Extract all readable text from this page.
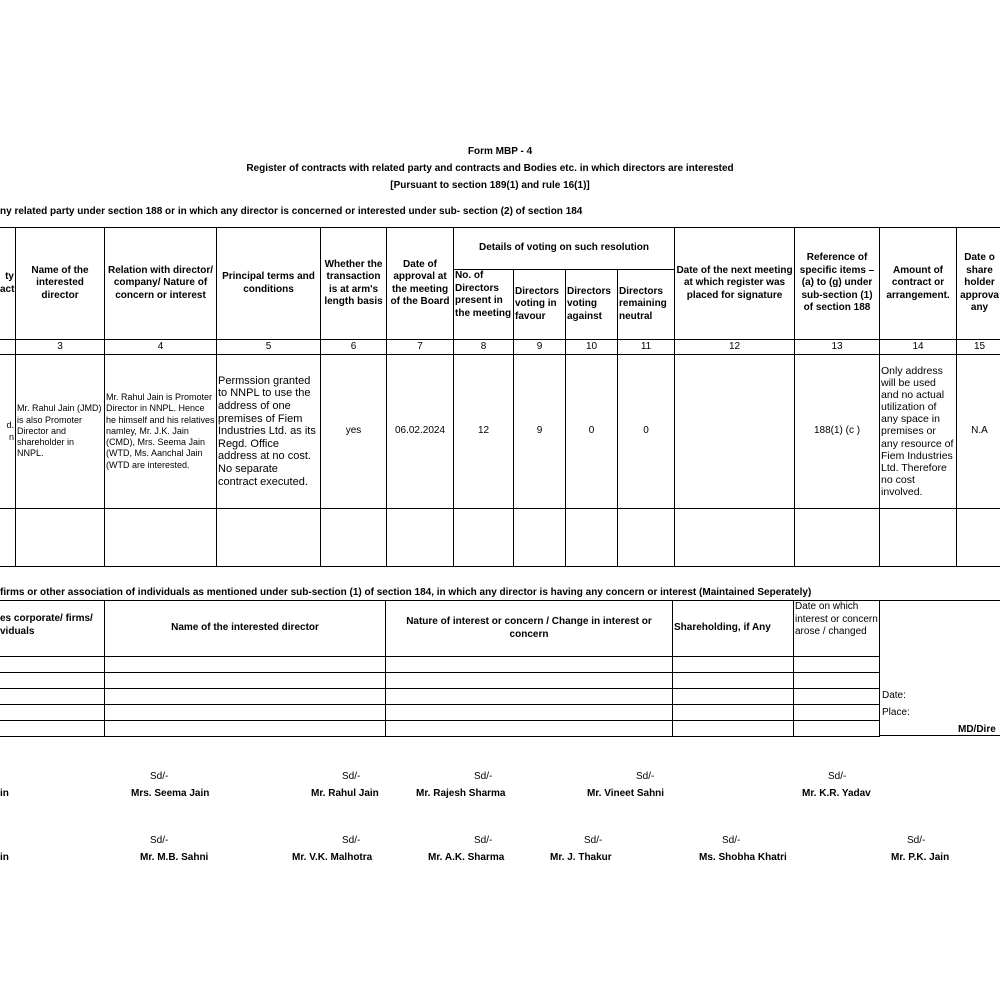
Form MBP - 4
Register of contracts with related party and contracts and Bodies etc. in which directors are interested
[Pursuant to section 189(1) and rule 16(1)]
ny related party under section 188 or in which any director is concerned or interested under sub- section (2) of section 184
ty act	Name of the interested director	Relation with director/ company/ Nature of concern or interest	Principal terms and conditions	Whether the transaction is at arm's length basis	Date of approval at the meeting of the Board	Details of voting on such resolution				Date of the next meeting at which register was placed for signature	Reference of specific items – (a) to (g) under sub-section (1) of section 188	Amount of contract or arrangement.	Date o share holder approva any
						No. of Directors present in the meeting	Directors voting in favour	Directors voting against	Directors remaining neutral				
	3	4	5	6	7	8	9	10	11	12	13	14	15
d. n	Mr. Rahul Jain (JMD) is also Promoter Director and shareholder in NNPL.	Mr. Rahul Jain is Promoter Director in NNPL. Hence he himself and his relatives namley, Mr. J.K. Jain (CMD), Mrs. Seema Jain (WTD, Ms. Aanchal Jain (WTD are interested.	Permssion granted to NNPL to use the address of one premises of Fiem Industries Ltd. as its Regd. Office address at no cost. No separate contract executed.	yes	06.02.2024	12	9	0	0		188(1) (c )	Only address will be used and no actual utilization of any space in premises or any resource of Fiem Industries Ltd. Therefore no cost involved.	N.A

firms or other association of individuals as mentioned under sub-section (1) of section 184, in which any director is having any concern or interest (Maintained Seperately)
es corporate/ firms/ viduals	Name of the interested director	Nature of interest or concern / Change in interest or concern	Shareholding, if Any	Date on which interest or concern arose / changed

Date:
Place:
MD/Dire
Sd/-	Sd/-	Sd/-	Sd/-	Sd/-
in	Mrs. Seema Jain	Mr. Rahul Jain	Mr. Rajesh Sharma	Mr. Vineet Sahni	Mr. K.R. Yadav
Sd/-	Sd/-	Sd/-	Sd/-	Sd/-	Sd/-
in	Mr. M.B. Sahni	Mr. V.K. Malhotra	Mr. A.K. Sharma	Mr. J. Thakur	Ms. Shobha Khatri	Mr. P.K. Jain
